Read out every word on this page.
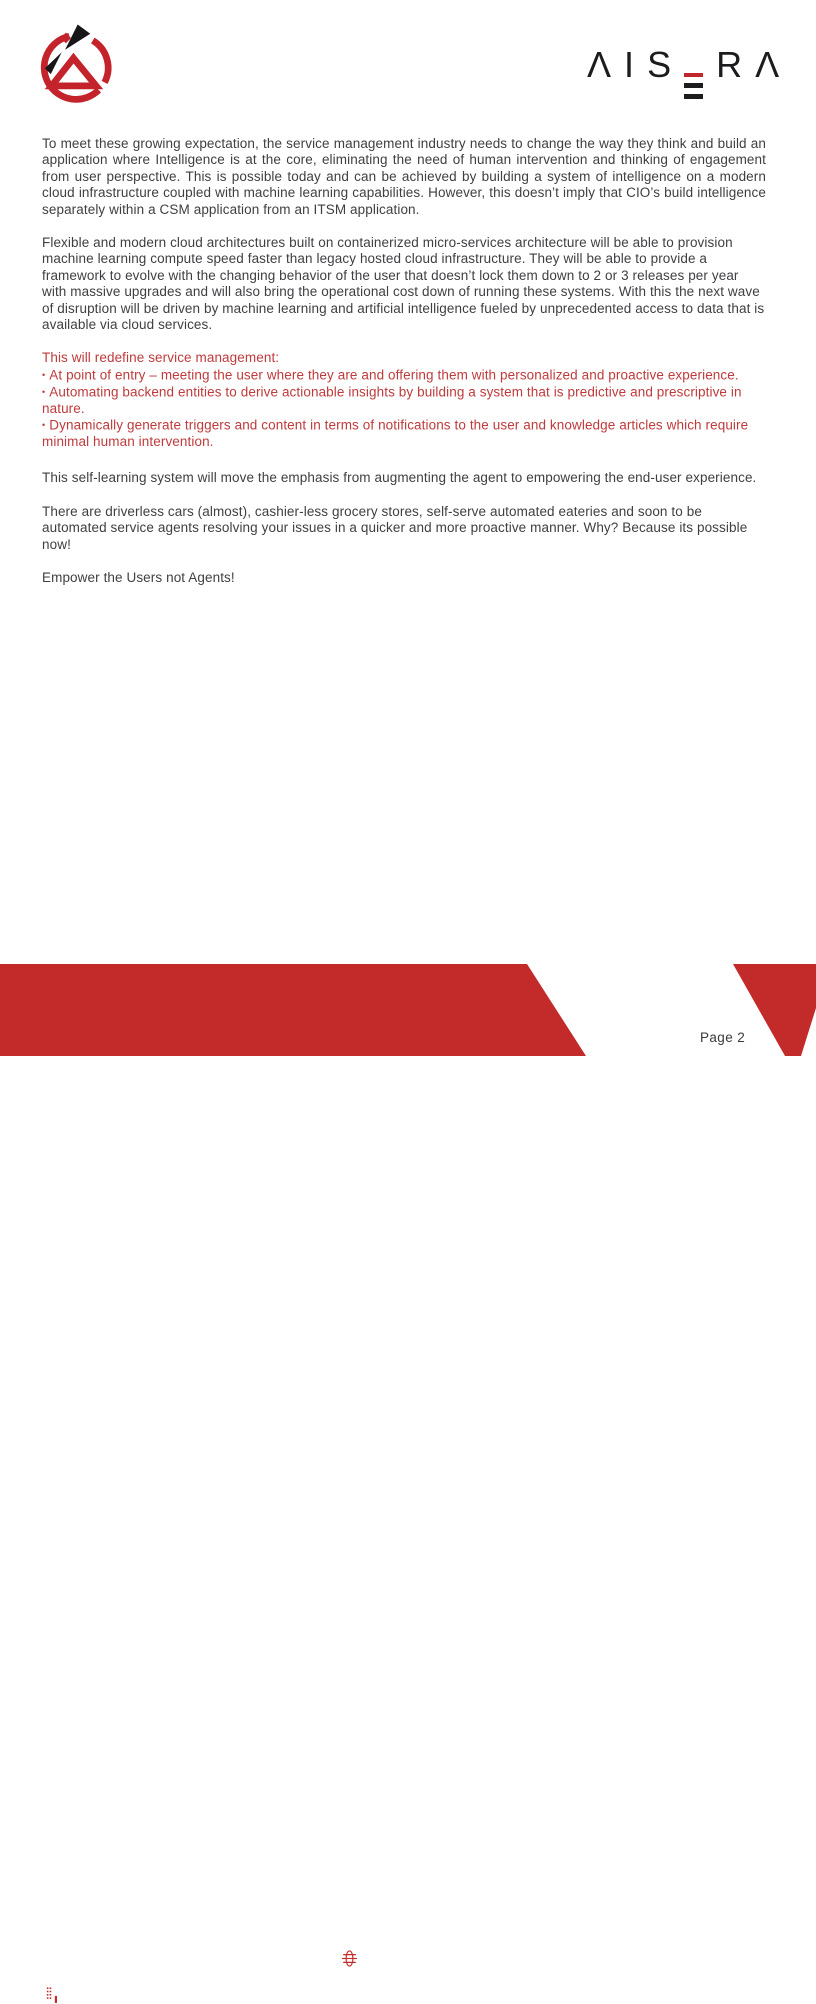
Λ I S R Λ

To meet these growing expectation, the service management industry needs to change the way they think and build an application where Intelligence is at the core, eliminating the need of human intervention and thinking of engagement from user perspective. This is possible today and can be achieved by building a system of intelligence on a modern cloud infrastructure coupled with machine learning capabilities. However, this doesn’t imply that CIO’s build intelligence separately within a CSM application from an ITSM application.

Flexible and modern cloud architectures built on containerized micro-services architecture will be able to provision machine learning compute speed faster than legacy hosted cloud infrastructure. They will be able to provide a framework to evolve with the changing behavior of the user that doesn’t lock them down to 2 or 3 releases per year with massive upgrades and will also bring the operational cost down of running these systems. With this the next wave of disruption will be driven by machine learning and artificial intelligence fueled by unprecedented access to data that is available via cloud services.

This will redefine service management:

• At point of entry – meeting the user where they are and offering them with personalized and proactive experience.

• Automating backend entities to derive actionable insights by building a system that is predictive and prescriptive in nature.

• Dynamically generate triggers and content in terms of notifications to the user and knowledge articles which require minimal human intervention.

This self-learning system will move the emphasis from augmenting the agent to empowering the end-user experience.

There are driverless cars (almost), cashier-less grocery stores, self-serve automated eateries and soon to be automated service agents resolving your issues in a quicker and more proactive manner. Why? Because its possible now!

Empower the Users not Agents!

(650) 655 7625	info@aisera.com	www.aisera.com
2479 E Bayshore Rd. Suite 270, Palo Alto, CA 94303
Page 2
